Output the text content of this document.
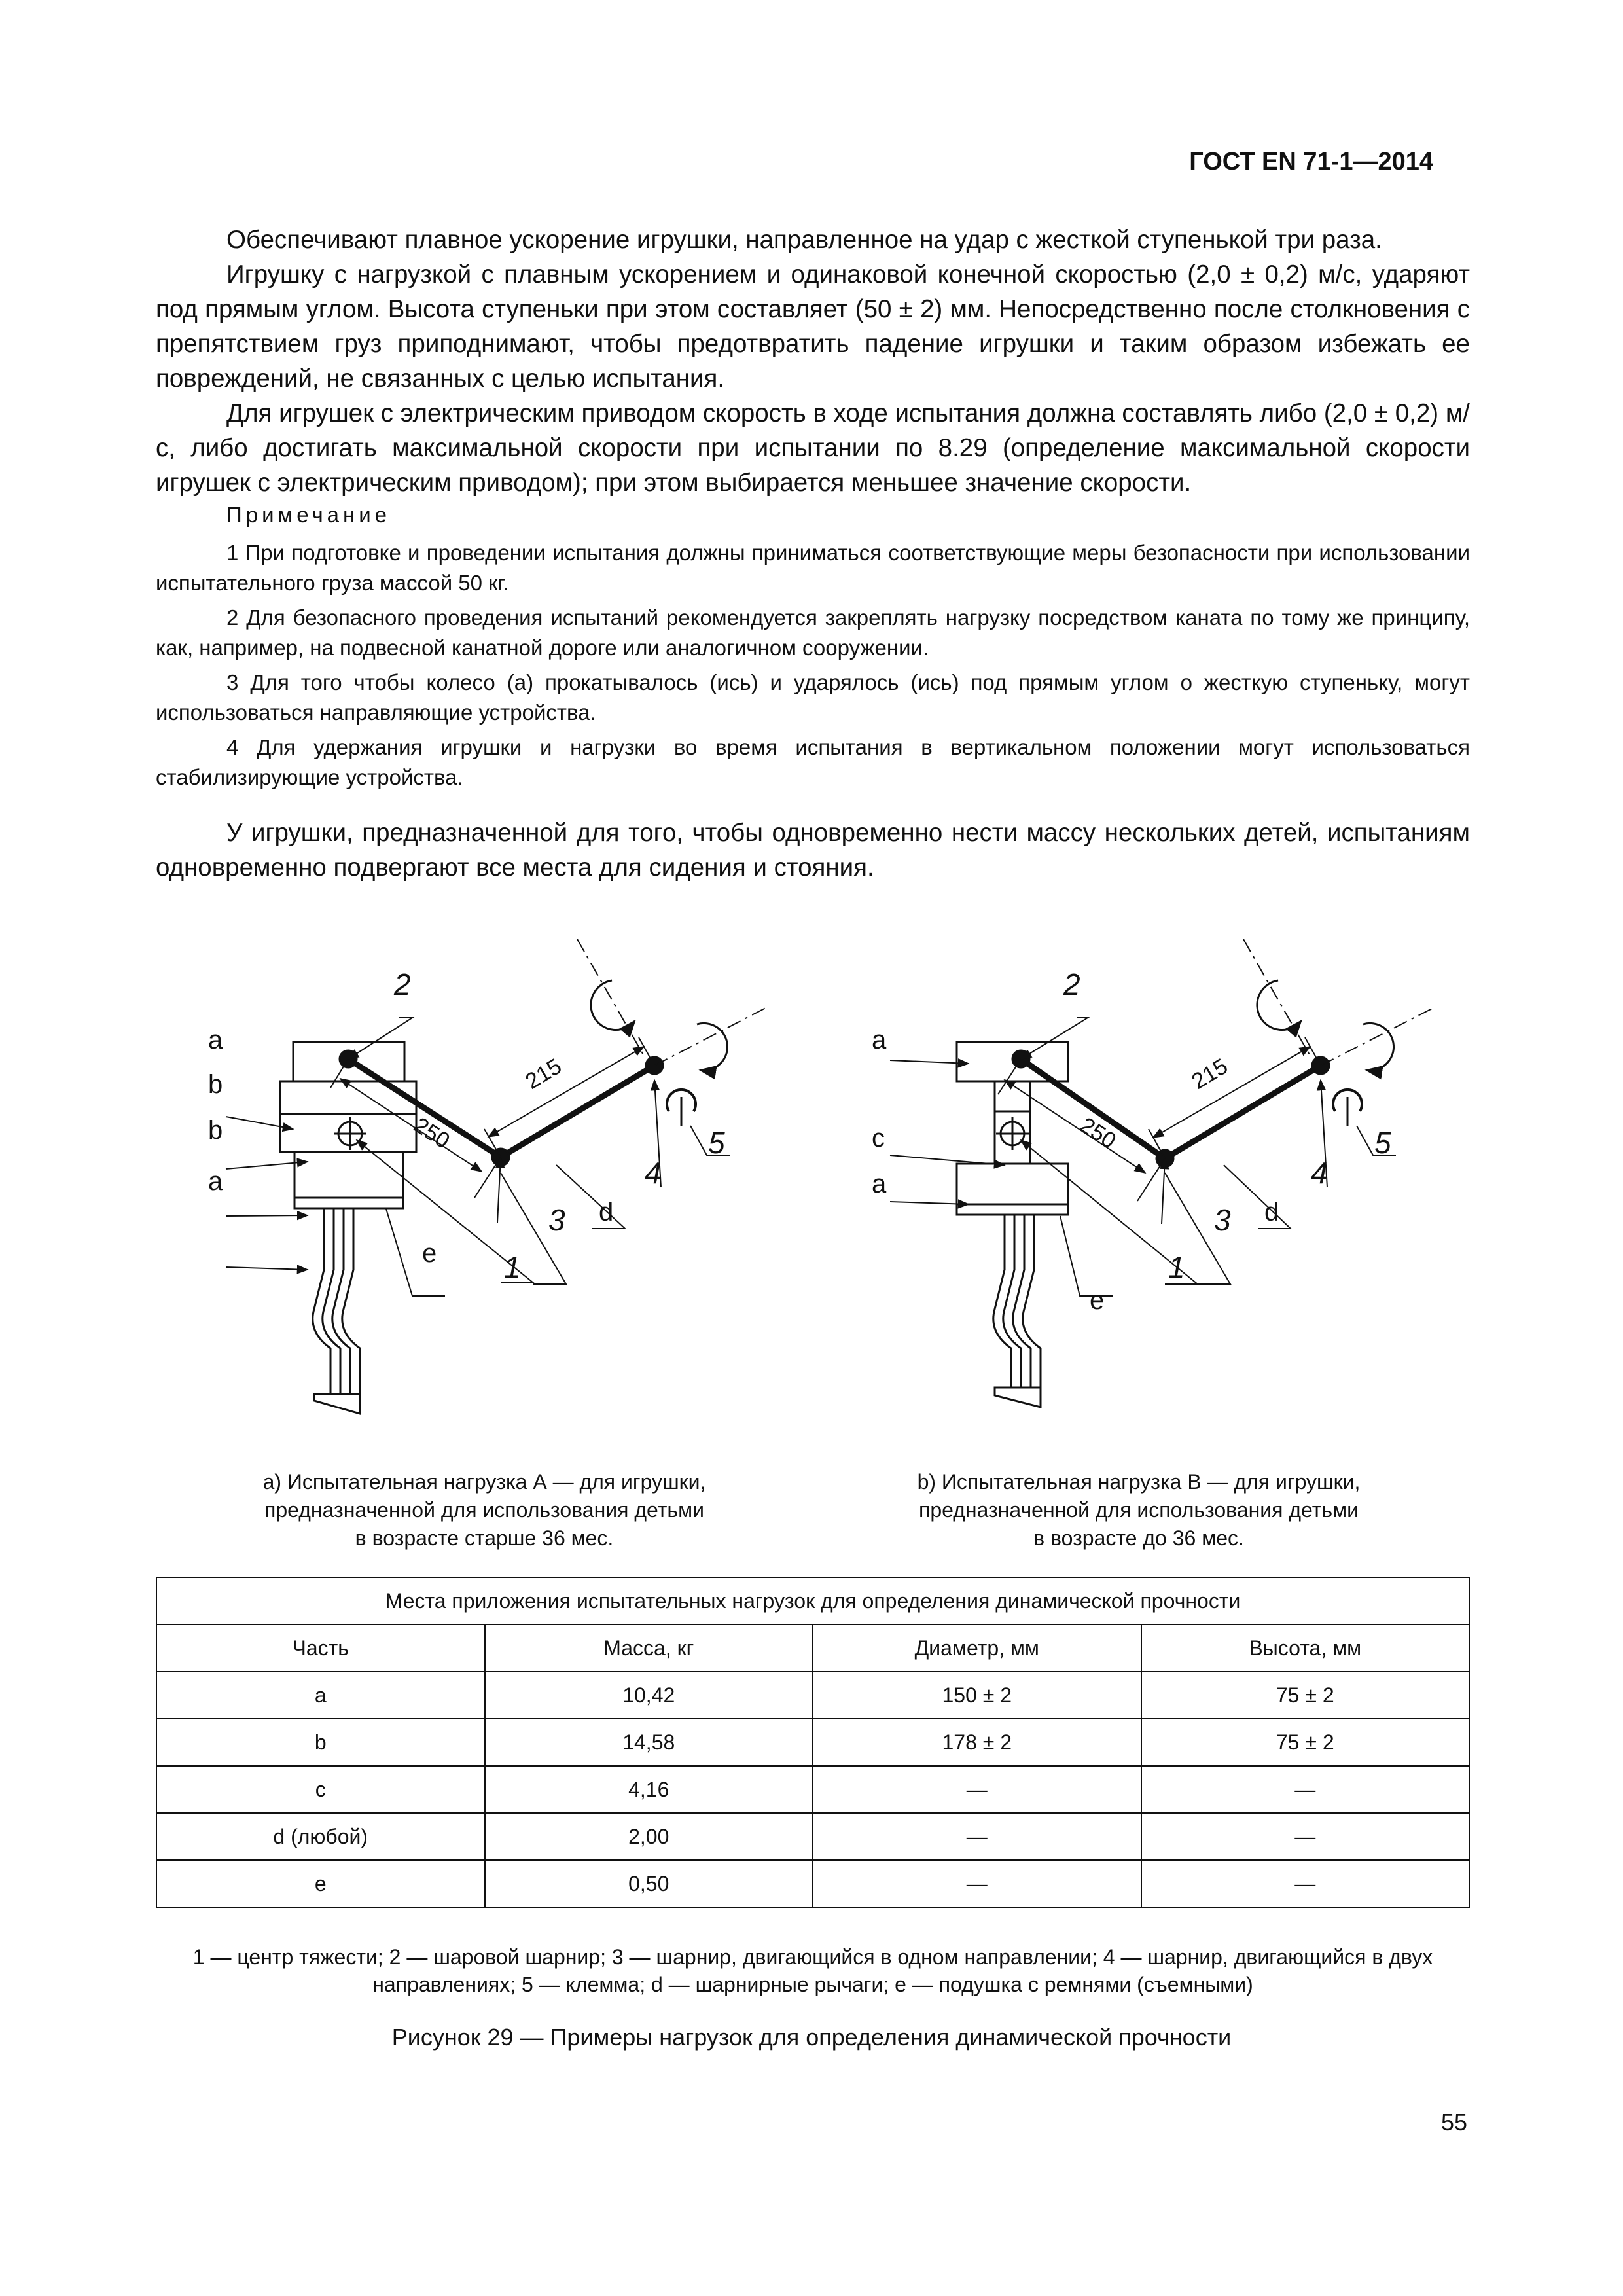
ГОСТ EN 71-1—2014

Обеспечивают плавное ускорение игрушки, направленное на удар с жесткой ступенькой три раза.

Игрушку с нагрузкой с плавным ускорением и одинаковой конечной скоростью (2,0 ± 0,2) м/с, ударяют под прямым углом. Высота ступеньки при этом составляет (50 ± 2) мм. Непосредственно после столкновения с препятствием груз приподнимают, чтобы предотвратить падение игрушки и таким образом избежать ее повреждений, не связанных с целью испытания.

Для игрушек с электрическим приводом скорость в ходе испытания должна составлять либо (2,0 ± 0,2) м/с, либо достигать максимальной скорости при испытании по 8.29 (определение максимальной скорости игрушек с электрическим приводом); при этом выбирается меньшее значение скорости.

Примечание

1 При подготовке и проведении испытания должны приниматься соответствующие меры безопасности при использовании испытательного груза массой 50 кг.

2 Для безопасного проведения испытаний рекомендуется закреплять нагрузку посредством каната по тому же принципу, как, например, на подвесной канатной дороге или аналогичном сооружении.

3 Для того чтобы колесо (а) прокатывалось (ись) и ударялось (ись) под прямым углом о жесткую ступеньку, могут использоваться направляющие устройства.

4 Для удержания игрушки и нагрузки во время испытания в вертикальном положении могут использоваться стабилизирующие устройства.

У игрушки, предназначенной для того, чтобы одновременно нести массу нескольких детей, испытаниям одновременно подвергают все места для сидения и стояния.

a
b
b
a
e
2
1
3 d
4
5
215
250
a
c
a
e
2
1
3 d
4
5
215
250
a) Испытательная нагрузка А — для игрушки,
предназначенной для использования детьми
в возрасте старше 36 мес.
b) Испытательная нагрузка В — для игрушки,
предназначенной для использования детьми
в возрасте до 36 мес.
Места приложения испытательных нагрузок для определения динамической прочности			
Часть	Масса, кг	Диаметр, мм	Высота, мм
a	10,42	150 ± 2	75 ± 2
b	14,58	178 ± 2	75 ± 2
c	4,16	—	—
d (любой)	2,00	—	—
e	0,50	—	—
1 — центр тяжести; 2 — шаровой шарнир; 3 — шарнир, двигающийся в одном направлении; 4 — шарнир, двигающийся в двух
направлениях; 5 — клемма; d — шарнирные рычаги; e — подушка с ремнями (съемными)
Рисунок 29 — Примеры нагрузок для определения динамической прочности
55
